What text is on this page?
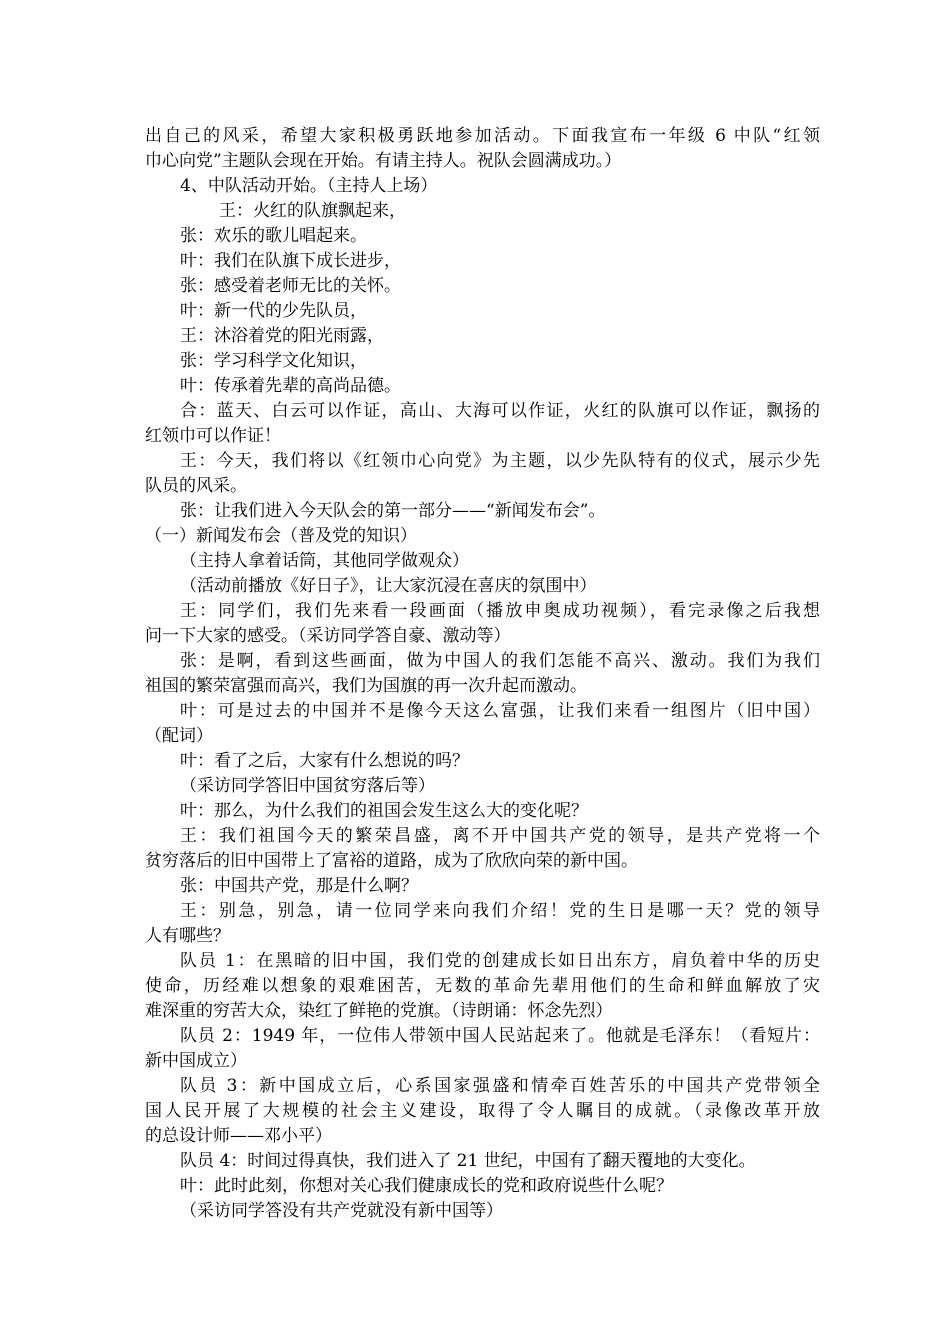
出自己的风采，希望大家积极勇跃地参加活动。下面我宣布一年级 6 中队“红领
巾心向党”主题队会现在开始。有请主持人。祝队会圆满成功。）
4、中队活动开始。（主持人上场）
王：火红的队旗飘起来，
张：欢乐的歌儿唱起来。
叶：我们在队旗下成长进步，
张：感受着老师无比的关怀。
叶：新一代的少先队员，
王：沐浴着党的阳光雨露，
张：学习科学文化知识，
叶：传承着先辈的高尚品德。
合：蓝天、白云可以作证，高山、大海可以作证，火红的队旗可以作证，飘扬的
红领巾可以作证！
王：今天，我们将以《红领巾心向党》为主题，以少先队特有的仪式，展示少先
队员的风采。
张：让我们进入今天队会的第一部分——“新闻发布会”。
（一）新闻发布会（普及党的知识）
（主持人拿着话筒，其他同学做观众）
（活动前播放《好日子》，让大家沉浸在喜庆的氛围中）
王：同学们，我们先来看一段画面（播放申奥成功视频），看完录像之后我想
问一下大家的感受。（采访同学答自豪、激动等）
张：是啊，看到这些画面，做为中国人的我们怎能不高兴、激动。我们为我们
祖国的繁荣富强而高兴，我们为国旗的再一次升起而激动。
叶：可是过去的中国并不是像今天这么富强，让我们来看一组图片（旧中国）
（配词）
叶：看了之后，大家有什么想说的吗？
（采访同学答旧中国贫穷落后等）
叶：那么，为什么我们的祖国会发生这么大的变化呢？
王：我们祖国今天的繁荣昌盛，离不开中国共产党的领导，是共产党将一个
贫穷落后的旧中国带上了富裕的道路，成为了欣欣向荣的新中国。
张：中国共产党，那是什么啊？
王：别急，别急，请一位同学来向我们介绍！党的生日是哪一天？党的领导
人有哪些？
队员 1：在黑暗的旧中国，我们党的创建成长如日出东方，肩负着中华的历史
使命，历经难以想象的艰难困苦，无数的革命先辈用他们的生命和鲜血解放了灾
难深重的穷苦大众，染红了鲜艳的党旗。（诗朗诵：怀念先烈）
队员 2：1949 年，一位伟人带领中国人民站起来了。他就是毛泽东！（看短片：
新中国成立）
队员 3：新中国成立后，心系国家强盛和情牵百姓苦乐的中国共产党带领全
国人民开展了大规模的社会主义建设，取得了令人瞩目的成就。（录像改革开放
的总设计师——邓小平）
队员 4：时间过得真快，我们进入了 21 世纪，中国有了翻天覆地的大变化。
叶：此时此刻，你想对关心我们健康成长的党和政府说些什么呢？
（采访同学答没有共产党就没有新中国等）
